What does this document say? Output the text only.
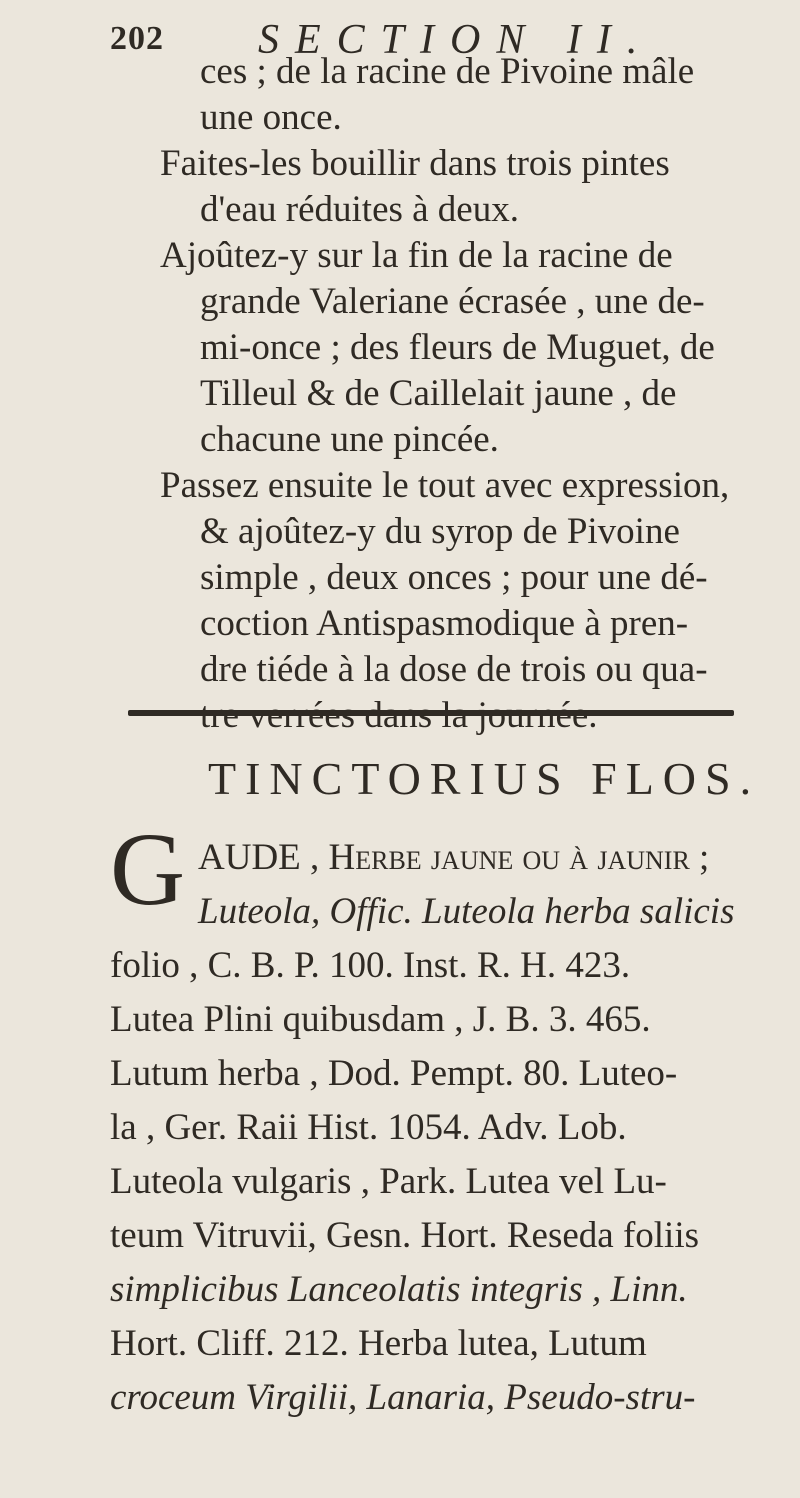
202 SECTION II.
ces ; de la racine de Pivoine mâle
une once.
Faites-les bouillir dans trois pintes
d'eau réduites à deux.
Ajoûtez-y sur la fin de la racine de
grande Valeriane écrasée , une de-
mi-once ; des fleurs de Muguet, de
Tilleul & de Caillelait jaune , de
chacune une pincée.
Passez ensuite le tout avec expression,
& ajoûtez-y du syrop de Pivoine
simple , deux onces ; pour une dé-
coction Antispasmodique à pren-
dre tiéde à la dose de trois ou qua-
TINCTORIUS FLOS.
G AUDE , Herbe jaune ou à jaunir ;
Luteola, Offic. Luteola herba salicis
folio , C. B. P. 100. Inst. R. H. 423.
Lutea Plini quibusdam , J. B. 3. 465.
Lutum herba , Dod. Pempt. 80. Luteo-
la , Ger. Raii Hist. 1054. Adv. Lob.
Luteola vulgaris , Park. Lutea vel Lu-
teum Vitruvii, Gesn. Hort. Reseda foliis
simplicibus Lanceolatis integris , Linn.
Hort. Cliff. 212. Herba lutea, Lutum
croceum Virgilii, Lanaria, Pseudo-stru-
